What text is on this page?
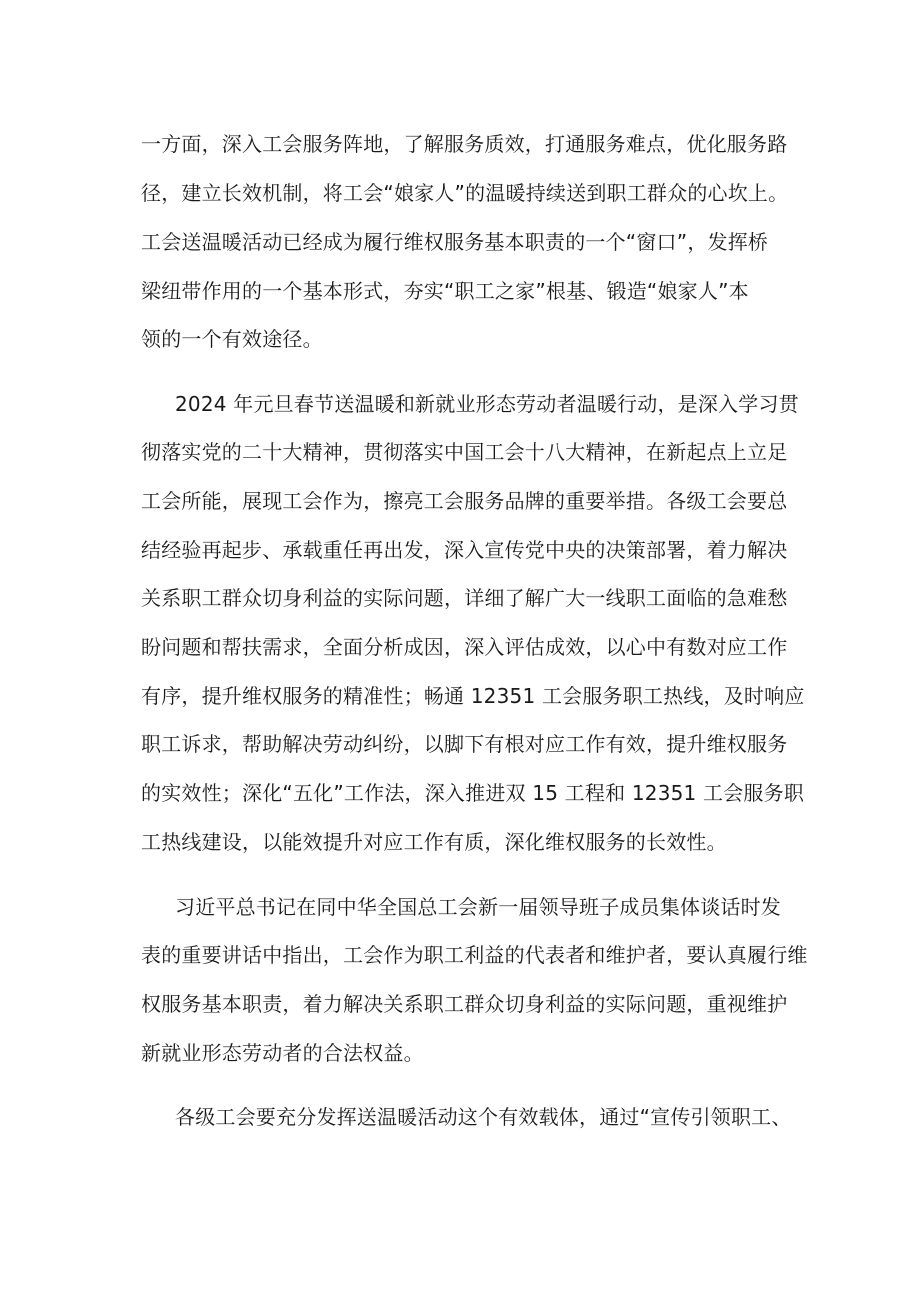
一方面，深入工会服务阵地，了解服务质效，打通服务难点，优化服务路
径，建立长效机制，将工会“娘家人”的温暖持续送到职工群众的心坎上。
工会送温暖活动已经成为履行维权服务基本职责的一个“窗口”，发挥桥
梁纽带作用的一个基本形式，夯实“职工之家”根基、锻造“娘家人”本
领的一个有效途径。
2024 年元旦春节送温暖和新就业形态劳动者温暖行动，是深入学习贯
彻落实党的二十大精神，贯彻落实中国工会十八大精神，在新起点上立足
工会所能，展现工会作为，擦亮工会服务品牌的重要举措。各级工会要总
结经验再起步、承载重任再出发，深入宣传党中央的决策部署，着力解决
关系职工群众切身利益的实际问题，详细了解广大一线职工面临的急难愁
盼问题和帮扶需求，全面分析成因，深入评估成效，以心中有数对应工作
有序，提升维权服务的精准性；畅通 12351 工会服务职工热线，及时响应
职工诉求，帮助解决劳动纠纷，以脚下有根对应工作有效，提升维权服务
的实效性；深化“五化”工作法，深入推进双 15 工程和 12351 工会服务职
工热线建设，以能效提升对应工作有质，深化维权服务的长效性。
习近平总书记在同中华全国总工会新一届领导班子成员集体谈话时发
表的重要讲话中指出，工会作为职工利益的代表者和维护者，要认真履行维
权服务基本职责，着力解决关系职工群众切身利益的实际问题，重视维护
新就业形态劳动者的合法权益。
各级工会要充分发挥送温暖活动这个有效载体，通过“宣传引领职工、
